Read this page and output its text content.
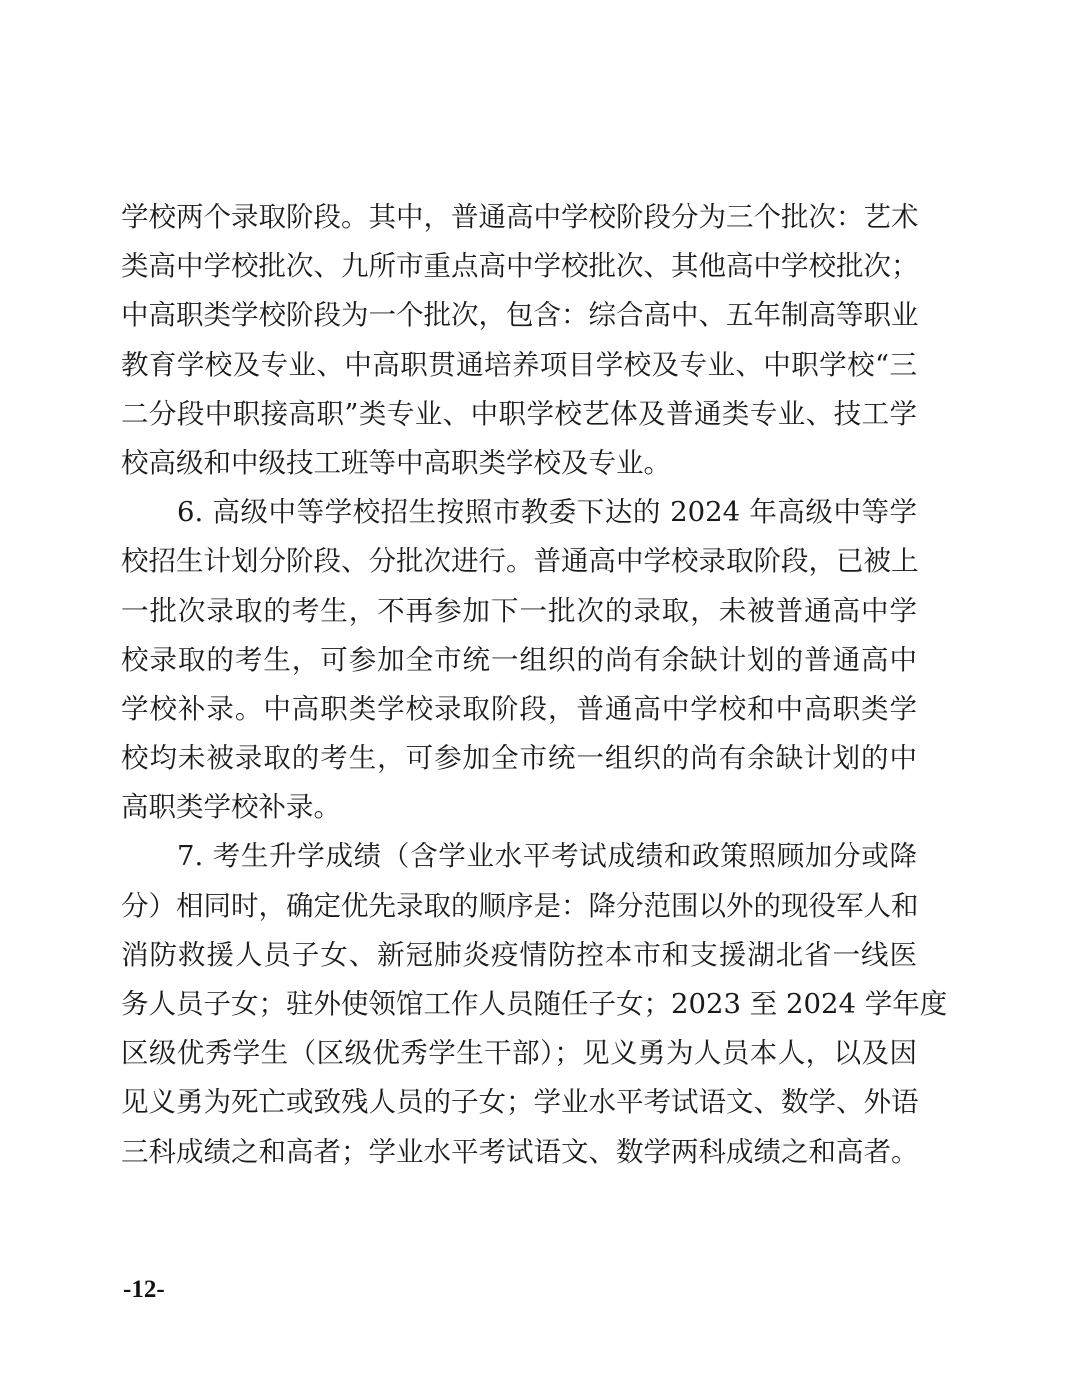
学校两个录取阶段。其中，普通高中学校阶段分为三个批次：艺术
类高中学校批次、九所市重点高中学校批次、其他高中学校批次；
中高职类学校阶段为一个批次，包含：综合高中、五年制高等职业
教育学校及专业、中高职贯通培养项目学校及专业、中职学校“三
二分段中职接高职”类专业、中职学校艺体及普通类专业、技工学
校高级和中级技工班等中高职类学校及专业。
6. 高级中等学校招生按照市教委下达的 2024 年高级中等学
校招生计划分阶段、分批次进行。普通高中学校录取阶段，已被上
一批次录取的考生，不再参加下一批次的录取，未被普通高中学
校录取的考生，可参加全市统一组织的尚有余缺计划的普通高中
学校补录。中高职类学校录取阶段，普通高中学校和中高职类学
校均未被录取的考生，可参加全市统一组织的尚有余缺计划的中
高职类学校补录。
7. 考生升学成绩（含学业水平考试成绩和政策照顾加分或降
分）相同时，确定优先录取的顺序是：降分范围以外的现役军人和
消防救援人员子女、新冠肺炎疫情防控本市和支援湖北省一线医
务人员子女；驻外使领馆工作人员随任子女；2023 至 2024 学年度
区级优秀学生（区级优秀学生干部）；见义勇为人员本人，以及因
见义勇为死亡或致残人员的子女；学业水平考试语文、数学、外语
三科成绩之和高者；学业水平考试语文、数学两科成绩之和高者。
-12-
